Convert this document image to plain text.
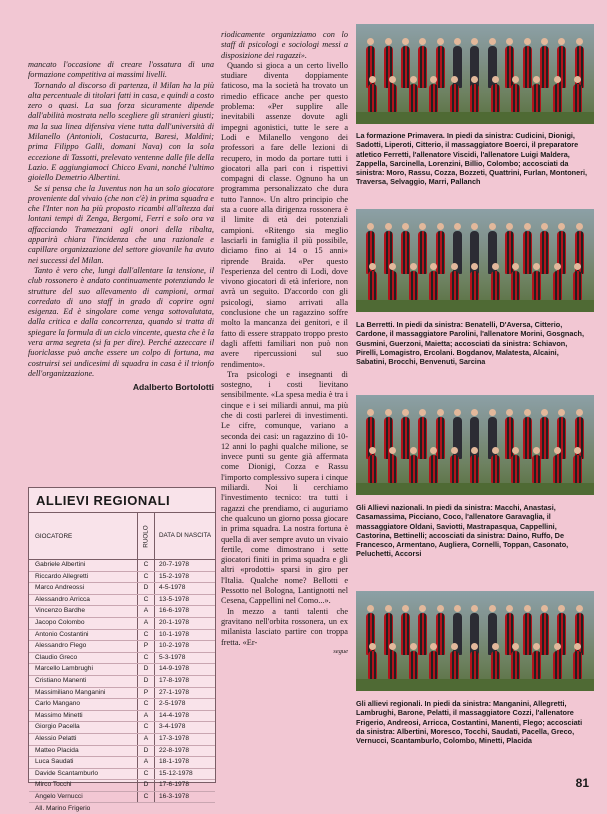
mancato l'occasione di creare l'ossatura di una formazione competitiva ai massimi livelli.

Tornando al discorso di partenza, il Milan ha la più alta percentuale di titolari fatti in casa, e quindi a costo zero o quasi. La sua forza sicuramente dipende dall'abilità mostrata nello scegliere gli stranieri giusti; ma la sua linea difensiva viene tutta dall'università di Milanello (Antonioli, Costacurta, Baresi, Maldini; prima Filippo Galli, domani Nava) con la sola eccezione di Tassotti, prelevato ventenne dalle file della Lazio. E aggiungiamoci Chicco Evani, nonché l'ultimo gioiello Demetrio Albertini.

Se si pensa che la Juventus non ha un solo giocatore proveniente dal vivaio (che non c'è) in prima squadra e che l'Inter non ha più proposto ricambi all'altezza dai lontani tempi di Zenga, Bergomi, Ferri e solo ora va affacciando Tramezzani agli onori della ribalta, apparirà chiara l'incidenza che una razionale e capillare organizzazione del settore giovanile ha avuto nei successi del Milan.

Tanto è vero che, lungi dall'allentare la tensione, il club rossonero è andato continuamente potenziando le strutture del suo allevamento di campioni, ormai corredato di uno staff in grado di coprire ogni esigenza. Ed è singolare come venga sottovalutata, dalla critica e dalla concorrenza, quando si tratta di spiegare la formula di un ciclo vincente, questa che è la vera arma segreta (si fa per dire). Perché azzeccare il fuoriclasse può anche essere un colpo di fortuna, ma costruirsi sei undicesimi di squadra in casa è il trionfo dell'organizzazione.

Adalberto Bortolotti

riodicamente organizziamo con lo staff di psicologi e sociologi messi a disposizione dei ragazzi».

Quando si gioca a un certo livello studiare diventa doppiamente faticoso, ma la società ha trovato un rimedio efficace anche per questo problema: «Per supplire alle inevitabili assenze dovute agli impegni agonistici, tutte le sere a Lodi e Milanello vengono dei professori a fare delle lezioni di recupero, in modo da portare tutti i giocatori alla pari con i rispettivi compagni di classe. Ognuno ha un programma personalizzato che dura tutto l'anno». Un altro principio che sta a cuore alla dirigenza rossonera è il limite di età dei potenziali campioni. «Ritengo sia meglio lasciarli in famiglia il più possibile, diciamo fino ai 14 o 15 anni» riprende Braida. «Per questo l'esperienza del centro di Lodi, dove vivono giocatori di età inferiore, non avrà un seguito. D'accordo con gli psicologi, siamo arrivati alla conclusione che un ragazzino soffre molto la mancanza dei genitori, e il fatto di essere strappato troppo presto dagli affetti familiari non può non avere ripercussioni sul suo rendimento».

Tra psicologi e insegnanti di sostegno, i costi lievitano sensibilmente. «La spesa media è tra i cinque e i sei miliardi annui, ma più che di costi parlerei di investimenti. Le cifre, comunque, variano a seconda dei casi: un ragazzino di 10-12 anni lo paghi qualche milione, se invece punti su gente già affermata come Dionigi, Cozza e Rassu l'importo complessivo supera i cinque miliardi. Noi li cerchiamo l'investimento tecnico: tra tutti i ragazzi che prendiamo, ci auguriamo che qualcuno un giorno possa giocare in prima squadra. La nostra fortuna è quella di aver sempre avuto un vivaio fertile, come dimostrano i sette giocatori finiti in prima squadra e gli altri «prodotti» sparsi in giro per l'Italia. Qualche nome? Bellotti e Pessotto nel Bologna, Lantignotti nel Cesena, Cappellini nel Como...».

In mezzo a tanti talenti che gravitano nell'orbita rossonera, un ex milanista lasciato partire con troppa fretta. «Er-

segue
ALLIEVI REGIONALI
GIOCATORE	RUOLO	DATA DI NASCITA
Gabriele Albertini	C	20-7-1978
Riccardo Allegretti	C	15-2-1978
Marco Andreossi	D	4-5-1978
Alessandro Arricca	C	13-5-1978
Vincenzo Bardhe	A	16-6-1978
Jacopo Colombo	A	20-1-1978
Antonio Costantini	C	10-1-1978
Alessandro Flego	P	10-2-1978
Claudio Greco	C	5-3-1978
Marcello Lambrughi	D	14-9-1978
Cristiano Manenti	D	17-8-1978
Massimiliano Manganini	P	27-1-1978
Carlo Mangano	C	2-5-1978
Massimo Minetti	A	14-4-1978
Giorgio Pacella	C	3-4-1978
Alessio Pelatti	A	17-3-1978
Matteo Placida	D	22-8-1978
Luca Saudati	A	18-1-1978
Davide Scantamburlo	C	15-12-1978
Mirco Tocchi	D	17-6-1978
Angelo Vernucci	C	16-3-1978
All. Marino Frigerio
La formazione Primavera. In piedi da sinistra: Cudicini, Dionigi, Sadotti, Liperoti, Citterio, il massaggiatore Boerci, il preparatore atletico Ferretti, l'allenatore Viscidi, l'allenatore Luigi Maldera, Zappella, Sarcinella, Lorenzini, Billio, Colombo; accosciati da sinistra: Moro, Rassu, Cozza, Bozzeti, Quattrini, Furlan, Montoneri, Traversa, Selvaggio, Marri, Pallanch
La Berretti. In piedi da sinistra: Benatelli, D'Aversa, Citterio, Cardone, il massaggiatore Parolini, l'allenatore Morini, Gosgnach, Gusmini, Guerzoni, Maietta; accosciati da sinistra: Schiavon, Pirelli, Lomagistro, Ercolani. Bogdanov, Malatesta, Alcaini, Sabatini, Brocchi, Benvenuti, Sarcina
Gli Allievi nazionali. In piedi da sinistra: Macchi, Anastasi, Casamassima, Picciano, Coco, l'allenatore Garavaglia, il massaggiatore Oldani, Saviotti, Mastrapasqua, Cappellini, Castorina, Bettinelli; accosciati da sinistra: Daino, Ruffo, De Francesco, Armentano, Augliera, Cornelli, Toppan, Casonato, Peluchetti, Accorsi
Gli allievi regionali. In piedi da sinistra: Manganini, Allegretti, Lambrughi, Barone, Pelatti, il massaggiatore Cozzi, l'allenatore Frigerio, Andreosi, Arricca, Costantini, Manenti, Flego; accosciati da sinistra: Albertini, Moresco, Tocchi, Saudati, Pacella, Greco, Vernucci, Scantamburlo, Colombo, Minetti, Placida
81
